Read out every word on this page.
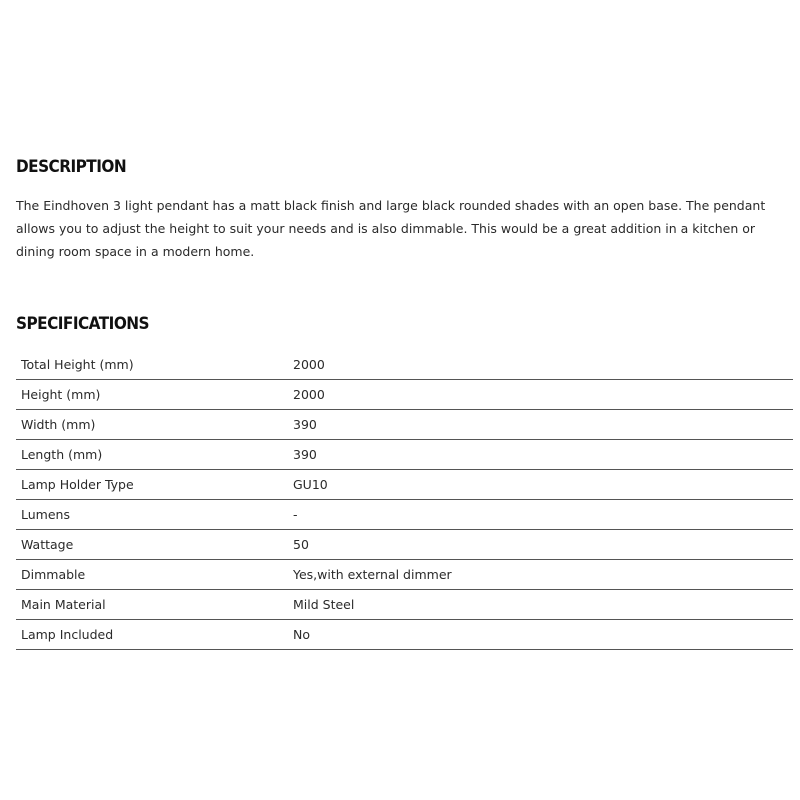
DESCRIPTION

The Eindhoven 3 light pendant has a matt black finish and large black rounded shades with an open base. The pendant allows you to adjust the height to suit your needs and is also dimmable. This would be a great addition in a kitchen or dining room space in a modern home.

SPECIFICATIONS
Total Height (mm)	2000
Height (mm)	2000
Width (mm)	390
Length (mm)	390
Lamp Holder Type	GU10
Lumens	-
Wattage	50
Dimmable	Yes,with external dimmer
Main Material	Mild Steel
Lamp Included	No
